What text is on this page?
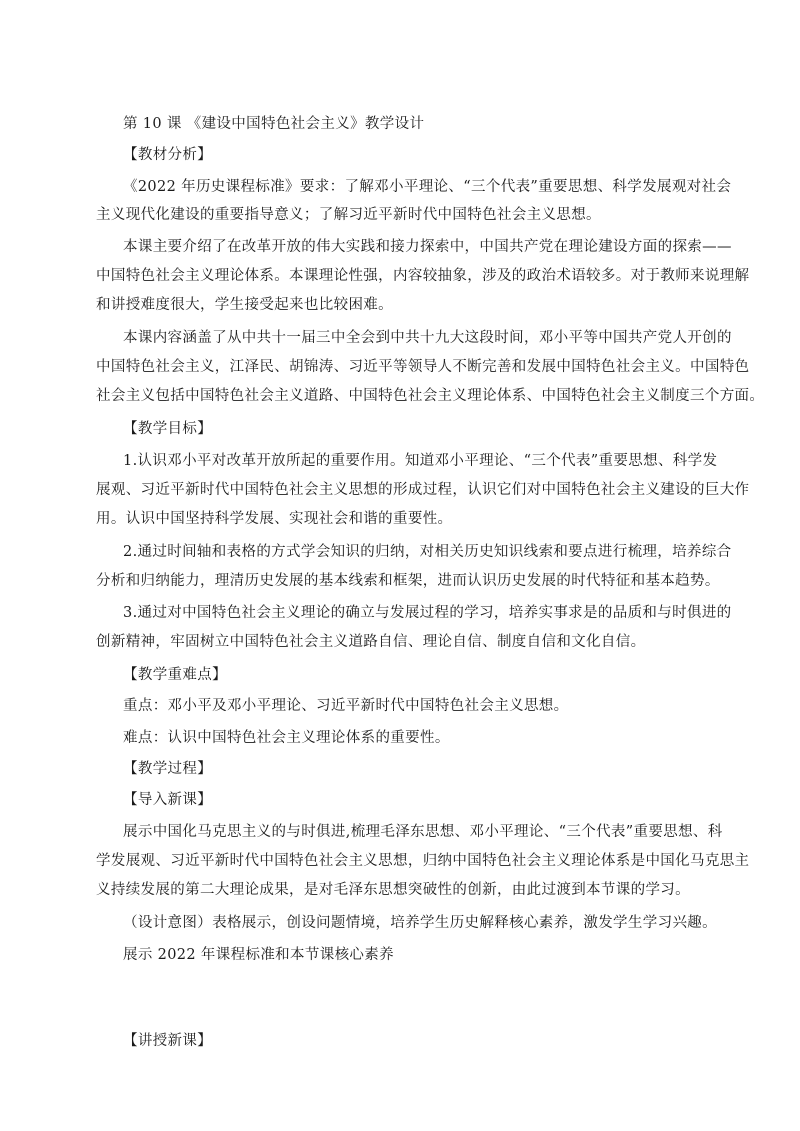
第 10 课 《建设中国特色社会主义》教学设计
【教材分析】
《2022 年历史课程标准》要求：了解邓小平理论、“三个代表”重要思想、科学发展观对社会
主义现代化建设的重要指导意义；了解习近平新时代中国特色社会主义思想。
本课主要介绍了在改革开放的伟大实践和接力探索中，中国共产党在理论建设方面的探索——
中国特色社会主义理论体系。本课理论性强，内容较抽象，涉及的政治术语较多。对于教师来说理解
和讲授难度很大，学生接受起来也比较困难。
本课内容涵盖了从中共十一届三中全会到中共十九大这段时间，邓小平等中国共产党人开创的
中国特色社会主义，江泽民、胡锦涛、习近平等领导人不断完善和发展中国特色社会主义。中国特色
社会主义包括中国特色社会主义道路、中国特色社会主义理论体系、中国特色社会主义制度三个方面。
【教学目标】
1.认识邓小平对改革开放所起的重要作用。知道邓小平理论、“三个代表”重要思想、科学发
展观、习近平新时代中国特色社会主义思想的形成过程，认识它们对中国特色社会主义建设的巨大作
用。认识中国坚持科学发展、实现社会和谐的重要性。
2.通过时间轴和表格的方式学会知识的归纳，对相关历史知识线索和要点进行梳理，培养综合
分析和归纳能力，理清历史发展的基本线索和框架，进而认识历史发展的时代特征和基本趋势。
3.通过对中国特色社会主义理论的确立与发展过程的学习，培养实事求是的品质和与时俱进的
创新精神，牢固树立中国特色社会主义道路自信、理论自信、制度自信和文化自信。
【教学重难点】
重点：邓小平及邓小平理论、习近平新时代中国特色社会主义思想。
难点：认识中国特色社会主义理论体系的重要性。
【教学过程】
【导入新课】
展示中国化马克思主义的与时俱进,梳理毛泽东思想、邓小平理论、“三个代表”重要思想、科
学发展观、习近平新时代中国特色社会主义思想，归纳中国特色社会主义理论体系是中国化马克思主
义持续发展的第二大理论成果，是对毛泽东思想突破性的创新，由此过渡到本节课的学习。
（设计意图）表格展示，创设问题情境，培养学生历史解释核心素养，激发学生学习兴趣。
展示 2022 年课程标准和本节课核心素养
【讲授新课】
